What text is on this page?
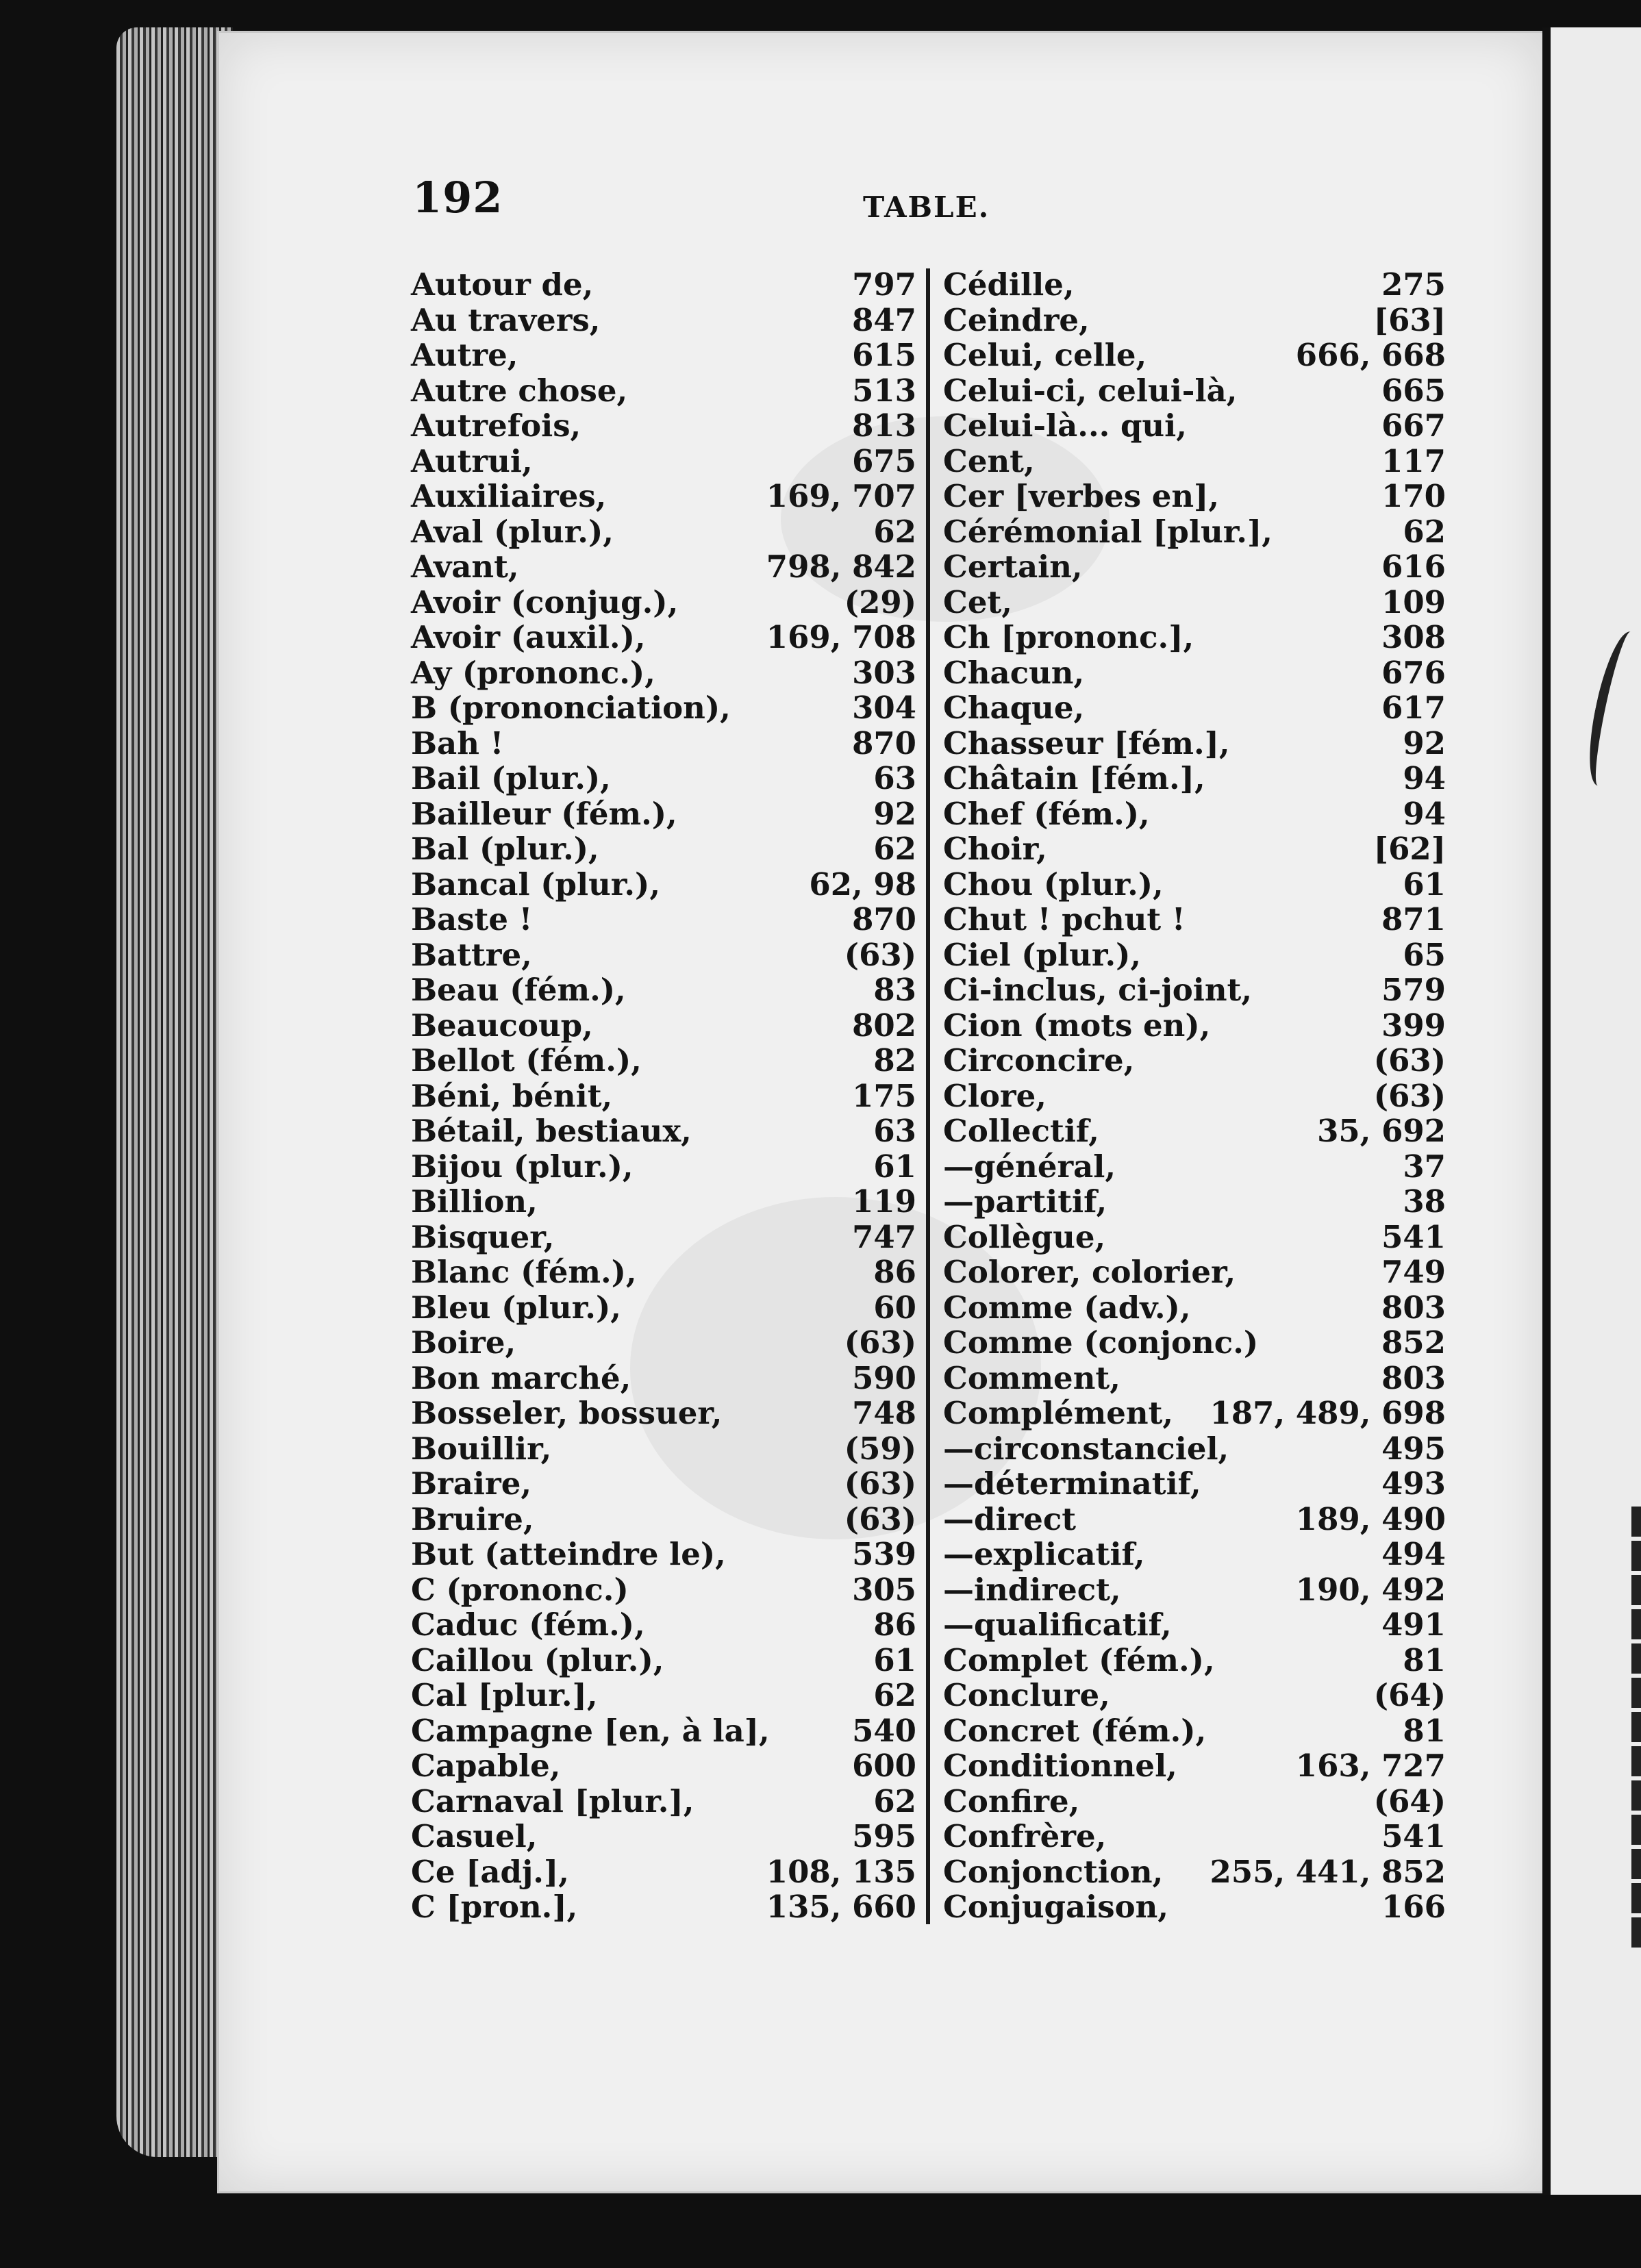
192	TABLE.
Autour de,	797
Au travers,	847
Autre,	615
Autre chose,	513
Autrefois,	813
Autrui,	675
Auxiliaires,	169, 707
Aval (plur.),	62
Avant,	798, 842
Avoir (conjug.),	(29)
Avoir (auxil.),	169, 708
Ay (prononc.),	303
B (prononciation),	304
Bah !	870
Bail (plur.),	63
Bailleur (fém.),	92
Bal (plur.),	62
Bancal (plur.),	62, 98
Baste !	870
Battre,	(63)
Beau (fém.),	83
Beaucoup,	802
Bellot (fém.),	82
Béni, bénit,	175
Bétail, bestiaux,	63
Bijou (plur.),	61
Billion,	119
Bisquer,	747
Blanc (fém.),	86
Bleu (plur.),	60
Boire,	(63)
Bon marché,	590
Bosseler, bossuer,	748
Bouillir,	(59)
Braire,	(63)
Bruire,	(63)
But (atteindre le),	539
C (prononc.)	305
Caduc (fém.),	86
Caillou (plur.),	61
Cal [plur.],	62
Campagne [en, à la],	540
Capable,	600
Carnaval [plur.],	62
Casuel,	595
Ce [adj.],	108, 135
C [pron.],	135, 660
Cédille,	275
Ceindre,	[63]
Celui, celle,	666, 668
Celui-ci, celui-là,	665
Celui-là... qui,	667
Cent,	117
Cer [verbes en],	170
Cérémonial [plur.],	62
Certain,	616
Cet,	109
Ch [prononc.],	308
Chacun,	676
Chaque,	617
Chasseur [fém.],	92
Châtain [fém.],	94
Chef (fém.),	94
Choir,	[62]
Chou (plur.),	61
Chut ! pchut !	871
Ciel (plur.),	65
Ci-inclus, ci-joint,	579
Cion (mots en),	399
Circoncire,	(63)
Clore,	(63)
Collectif,	35, 692
—général,	37
—partitif,	38
Collègue,	541
Colorer, colorier,	749
Comme (adv.),	803
Comme (conjonc.)	852
Comment,	803
Complément, 187, 489, 698
—circonstanciel,	495
—déterminatif,	493
—direct	189, 490
—explicatif,	494
—indirect,	190, 492
—qualificatif,	491
Complet (fém.),	81
Conclure,	(64)
Concret (fém.),	81
Conditionnel,	163, 727
Confire,	(64)
Confrère,	541
Conjonction, 255, 441, 852
Conjugaison,	166
